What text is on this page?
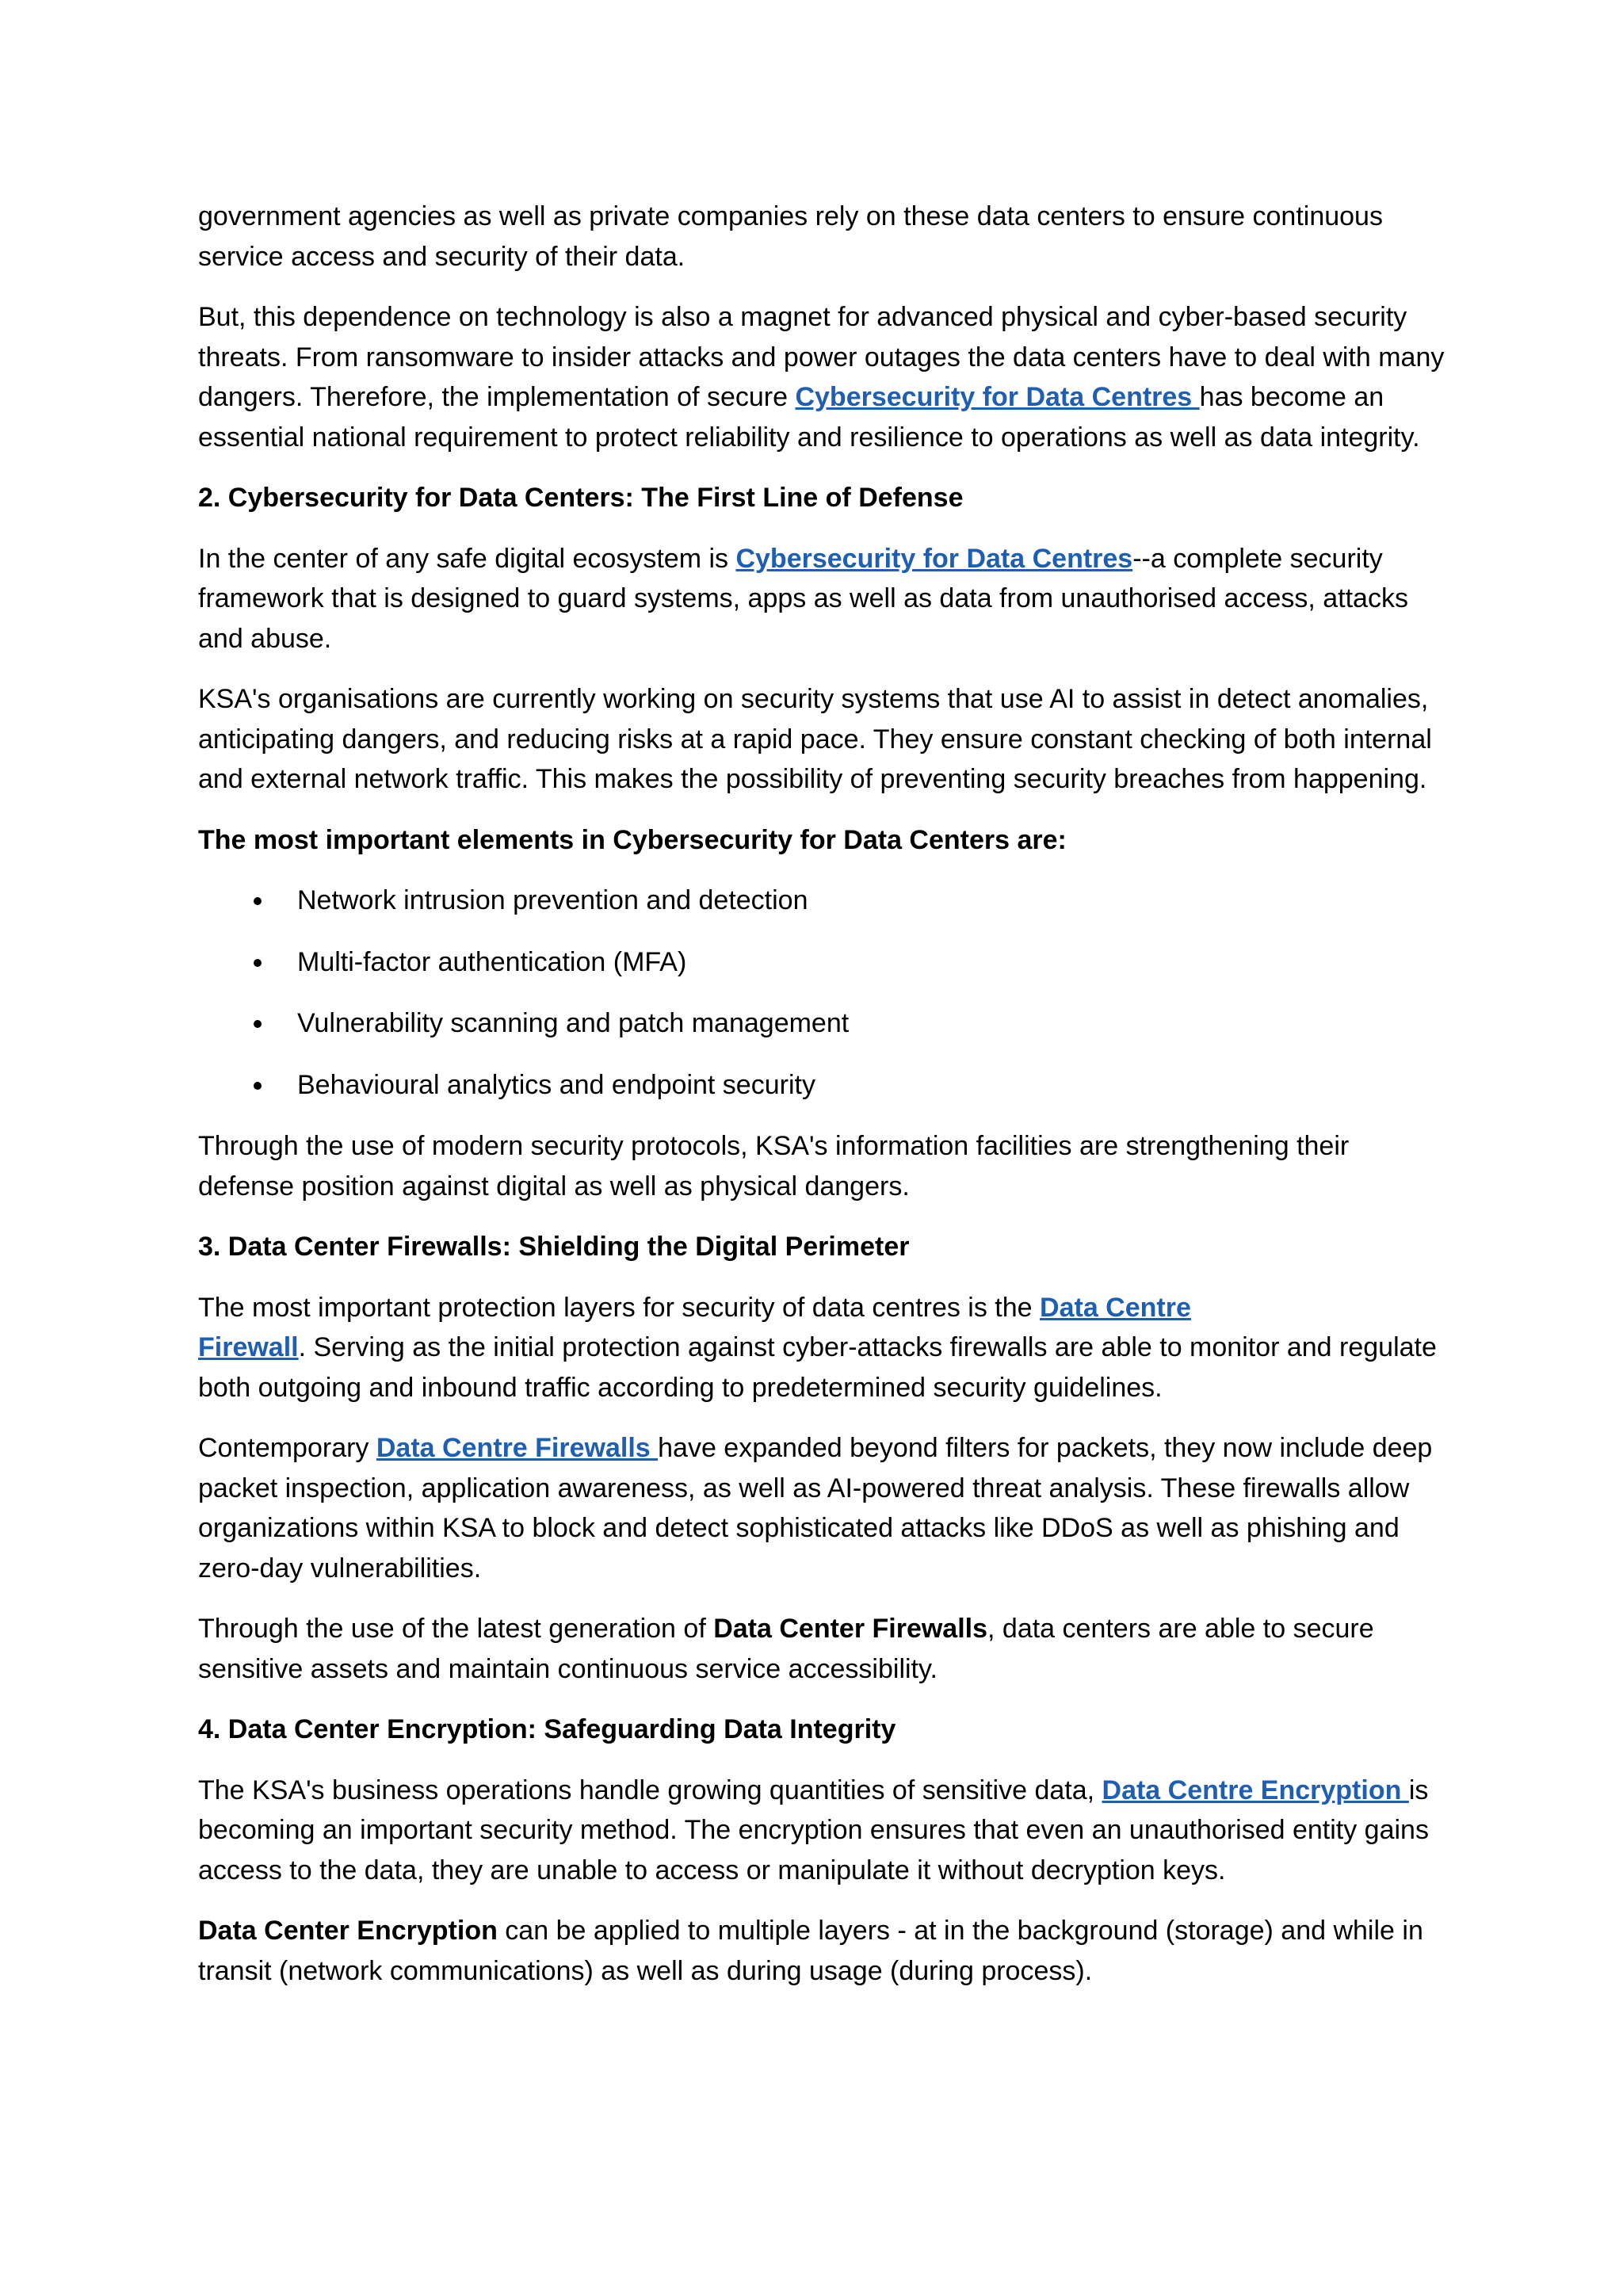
government agencies as well as private companies rely on these data centers to ensure continuous service access and security of their data.

But, this dependence on technology is also a magnet for advanced physical and cyber-based security threats. From ransomware to insider attacks and power outages the data centers have to deal with many dangers. Therefore, the implementation of secure Cybersecurity for Data Centres has become an essential national requirement to protect reliability and resilience to operations as well as data integrity.

2. Cybersecurity for Data Centers: The First Line of Defense

In the center of any safe digital ecosystem is Cybersecurity for Data Centres--a complete security framework that is designed to guard systems, apps as well as data from unauthorised access, attacks and abuse.

KSA's organisations are currently working on security systems that use AI to assist in detect anomalies, anticipating dangers, and reducing risks at a rapid pace. They ensure constant checking of both internal and external network traffic. This makes the possibility of preventing security breaches from happening.

The most important elements in Cybersecurity for Data Centers are:

Network intrusion prevention and detection
Multi-factor authentication (MFA)
Vulnerability scanning and patch management
Behavioural analytics and endpoint security

Through the use of modern security protocols, KSA's information facilities are strengthening their defense position against digital as well as physical dangers.

3. Data Center Firewalls: Shielding the Digital Perimeter

The most important protection layers for security of data centres is the Data Centre
Firewall. Serving as the initial protection against cyber-attacks firewalls are able to monitor and regulate both outgoing and inbound traffic according to predetermined security guidelines.

Contemporary Data Centre Firewalls have expanded beyond filters for packets, they now include deep packet inspection, application awareness, as well as AI-powered threat analysis. These firewalls allow organizations within KSA to block and detect sophisticated attacks like DDoS as well as phishing and zero-day vulnerabilities.

Through the use of the latest generation of Data Center Firewalls, data centers are able to secure sensitive assets and maintain continuous service accessibility.

4. Data Center Encryption: Safeguarding Data Integrity

The KSA's business operations handle growing quantities of sensitive data, Data Centre Encryption is becoming an important security method. The encryption ensures that even an unauthorised entity gains access to the data, they are unable to access or manipulate it without decryption keys.

Data Center Encryption can be applied to multiple layers - at in the background (storage) and while in transit (network communications) as well as during usage (during process).
